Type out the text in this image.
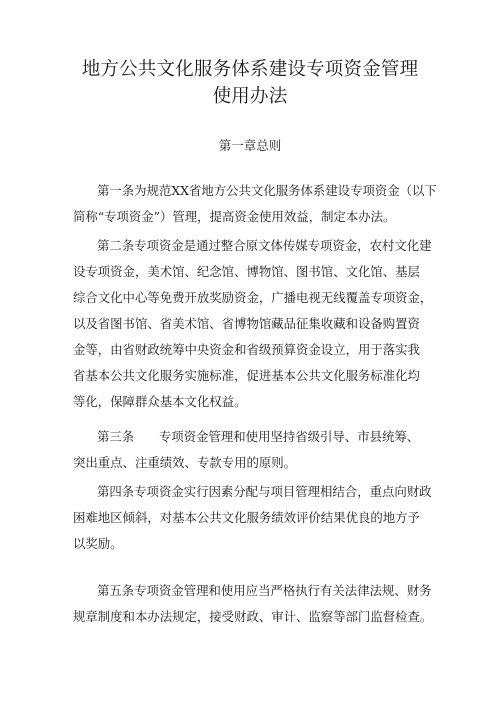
地方公共文化服务体系建设专项资金管理
使用办法
第一章总则
第一条为规范XX省地方公共文化服务体系建设专项资金（以下
简称“专项资金”）管理，提高资金使用效益，制定本办法。
第二条专项资金是通过整合原文体传媒专项资金，农村文化建
设专项资金，美术馆、纪念馆、博物馆、图书馆、文化馆、基层
综合文化中心等免费开放奖励资金，广播电视无线覆盖专项资金，
以及省图书馆、省美术馆、省博物馆藏品征集收藏和设备购置资
金等，由省财政统筹中央资金和省级预算资金设立，用于落实我
省基本公共文化服务实施标准，促进基本公共文化服务标准化均
等化，保障群众基本文化权益。
第三条　　专项资金管理和使用坚持省级引导、市县统筹、
突出重点、注重绩效、专款专用的原则。
第四条专项资金实行因素分配与项目管理相结合，重点向财政
困难地区倾斜，对基本公共文化服务绩效评价结果优良的地方予
以奖励。
第五条专项资金管理和使用应当严格执行有关法律法规、财务
规章制度和本办法规定，接受财政、审计、监察等部门监督检查。
